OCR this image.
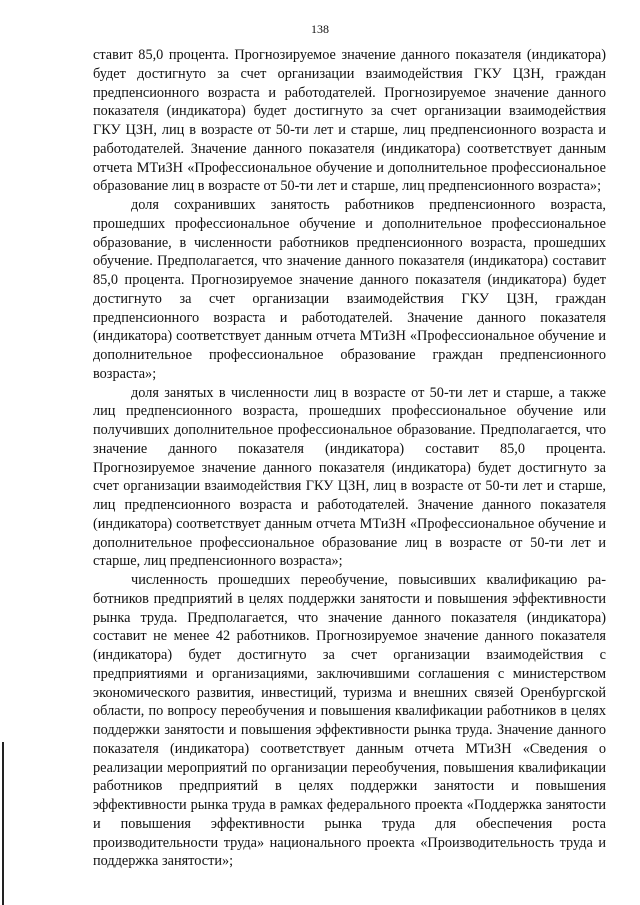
138

ставит 85,0 процента. Прогнозируемое значение данного показателя (индикатора) будет достигнуто за счет организации взаимодействия ГКУ ЦЗН, граждан предпенсионного возраста и работодателей. Прогнозируемое значение данного показателя (индикатора) будет достигнуто за счет организации взаимодействия ГКУ ЦЗН, лиц в возрасте от 50-ти лет и старше, лиц предпенсионного возраста и работодателей. Значение данного показателя (индикатора) соответствует данным отчета МТиЗН «Профессиональное обучение и дополнительное профессиональное образование лиц в возрасте от 50-ти лет и старше, лиц предпенсионного возраста»;

доля сохранивших занятость работников предпенсионного возраста, прошедших профессиональное обучение и дополнительное профессиональное образование, в численности работников предпенсионного возраста, прошедших обучение. Предполагается, что значение данного показателя (индикатора) составит 85,0 процента. Прогнозируемое значение данного показателя (индикатора) будет достигнуто за счет организации взаимодействия ГКУ ЦЗН, граждан предпенсионного возраста и работодателей. Значение данного показателя (индикатора) соответствует данным отчета МТиЗН «Профессиональное обучение и дополнительное профессиональное образование граждан предпенсионного возраста»;

доля занятых в численности лиц в возрасте от 50-ти лет и старше, а также лиц предпенсионного возраста, прошедших профессиональное обучение или получивших дополнительное профессиональное образование. Предполагается, что значение данного показателя (индикатора) составит 85,0 процента. Прогнозируемое значение данного показателя (индикатора) будет достигнуто за счет организации взаимодействия ГКУ ЦЗН, лиц в возрасте от 50-ти лет и старше, лиц предпенсионного возраста и работодателей. Значение данного показателя (индикатора) соответствует данным отчета МТиЗН «Профессиональное обучение и дополнительное профессиональное образование лиц в возрасте от 50-ти лет и старше, лиц предпенсионного возраста»;

численность прошедших переобучение, повысивших квалификацию работников предприятий в целях поддержки занятости и повышения эффективности рынка труда. Предполагается, что значение данного показателя (индикатора) составит не менее 42 работников. Прогнозируемое значение данного показателя (индикатора) будет достигнуто за счет организации взаимодействия с предприятиями и организациями, заключившими соглашения с министерством экономического развития, инвестиций, туризма и внешних связей Оренбургской области, по вопросу переобучения и повышения квалификации работников в целях поддержки занятости и повышения эффективности рынка труда. Значение данного показателя (индикатора) соответствует данным отчета МТиЗН «Сведения о реализации мероприятий по организации переобучения, повышения квалификации работников предприятий в целях поддержки занятости и повышения эффективности рынка труда в рамках федерального проекта «Поддержка занятости и повышения эффективности рынка труда для обеспечения роста производительности труда» национального проекта «Производительность труда и поддержка занятости»;
